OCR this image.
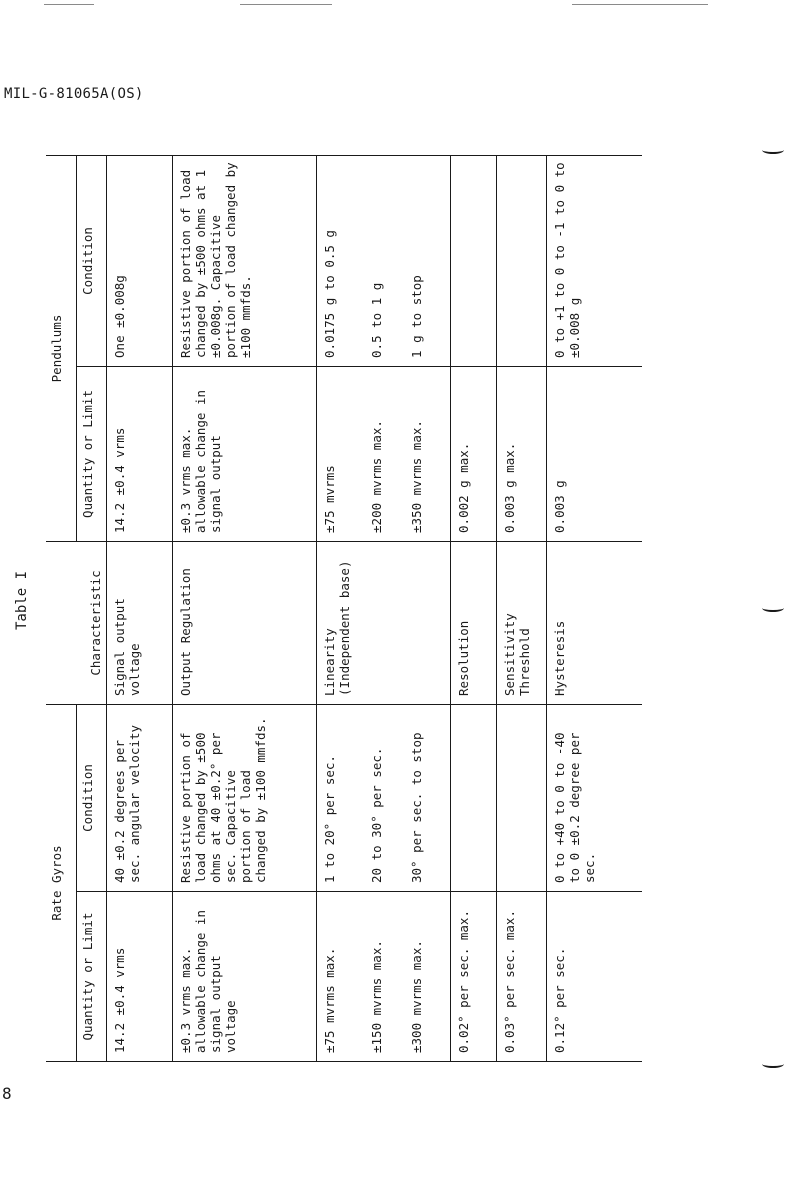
MIL-G-81065A(OS)
Table I
8
Rate Gyros		Characteristic	Pendulums	
Quantity or Limit	Condition		Quantity or Limit	Condition
14.2 ±0.4 vrms	40 ±0.2 degrees per sec. angular velocity	Signal output voltage	14.2 ±0.4 vrms	One ±0.008g
±0.3 vrms max. allowable change in signal output voltage	Resistive portion of load changed by ±500 ohms at 40 ±0.2° per sec. Capacitive portion of load changed by ±100 mmfds.	Output Regulation	±0.3 vrms max. allowable change in signal output	Resistive portion of load changed by ±500 ohms at 1 ±0.008g. Capacitive portion of load changed by ±100 mmfds.
±75 mvrms max.	1 to 20° per sec.	Linearity (Independent base)	±75 mvrms	0.0175 g to 0.5 g
±150 mvrms max.	20 to 30° per sec.		±200 mvrms max.	0.5 to 1 g
±300 mvrms max.	30° per sec. to stop		±350 mvrms max.	1 g to stop
0.02° per sec. max.		Resolution	0.002 g max.	
0.03° per sec. max.		Sensitivity Threshold	0.003 g max.	
0.12° per sec.	0 to +40 to 0 to -40 to 0 ±0.2 degree per sec.	Hysteresis	0.003 g	0 to +1 to 0 to -1 to 0 to ±0.008 g
